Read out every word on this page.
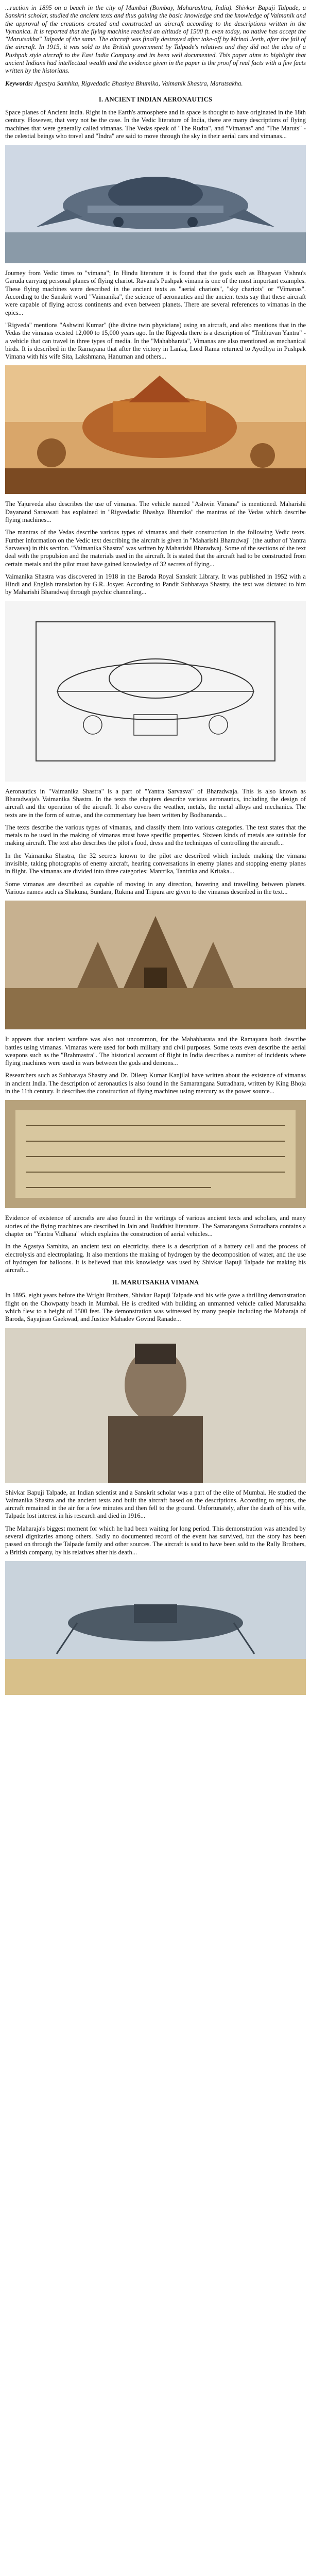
...ruction in 1895 on a beach in the city of Mumbai (Bombay, Maharashtra, India). Shivkar Bapuji Talpade, a Sanskrit scholar, studied the ancient texts and thus gaining the basic knowledge and the knowledge of Vaimanik and the approval of the creations created and constructed an aircraft according to the descriptions written in the Vymanica. It is reported that the flying machine reached an altitude of 1500 ft. even today, no native has accept the "Marutsakha" Talpade of the same. The aircraft was finally destroyed after take-off by Mrinal Jeeth, after the fall of the aircraft. In 1915, it was sold to the British government by Talpade's relatives and they did not the idea of a Pushpak style aircraft to the East India Company and its been well documented. This paper aims to highlight that ancient Indians had intellectual wealth and the evidence given in the paper is the proof of real facts with a few facts written by the historians.

Keywords: Agastya Samhita, Rigvedadic Bhashya Bhumika, Vaimanik Shastra, Marutsakha.

I. ANCIENT INDIAN AERONAUTICS

Space planes of Ancient India. Right in the Earth's atmosphere and in space is thought to have originated in the 18th century. However, that very not be the case. In the Vedic literature of India, there are many descriptions of flying machines that were generally called vimanas. The Vedas speak of "The Rudra", and "Vimanas" and "The Maruts" - the celestial beings who travel and "Indra" are said to move through the sky in their aerial cars and vimanas...

Journey from Vedic times to "vimana"; In Hindu literature it is found that the gods such as Bhagwan Vishnu's Garuda carrying personal planes of flying chariot. Ravana's Pushpak vimana is one of the most important examples. These flying machines were described in the ancient texts as "aerial chariots", "sky chariots" or "Vimanas". According to the Sanskrit word "Vaimanika", the science of aeronautics and the ancient texts say that these aircraft were capable of flying across continents and even between planets. There are several references to vimanas in the epics...

"Rigveda" mentions "Ashwini Kumar" (the divine twin physicians) using an aircraft, and also mentions that in the Vedas the vimanas existed 12,000 to 15,000 years ago. In the Rigveda there is a description of "Tribhuvan Yantra" - a vehicle that can travel in three types of media. In the "Mahabharata", Vimanas are also mentioned as mechanical birds. It is described in the Ramayana that after the victory in Lanka, Lord Rama returned to Ayodhya in Pushpak Vimana with his wife Sita, Lakshmana, Hanuman and others...

The Yajurveda also describes the use of vimanas. The vehicle named "Ashwin Vimana" is mentioned. Maharishi Dayanand Saraswati has explained in "Rigvedadic Bhashya Bhumika" the mantras of the Vedas which describe flying machines...

The mantras of the Vedas describe various types of vimanas and their construction in the following Vedic texts. Further information on the Vedic text describing the aircraft is given in "Maharishi Bharadwaj" (the author of Yantra Sarvasva) in this section. "Vaimanika Shastra" was written by Maharishi Bharadwaj. Some of the sections of the text deal with the propulsion and the materials used in the aircraft. It is stated that the aircraft had to be constructed from certain metals and the pilot must have gained knowledge of 32 secrets of flying...

Vaimanika Shastra was discovered in 1918 in the Baroda Royal Sanskrit Library. It was published in 1952 with a Hindi and English translation by G.R. Josyer. According to Pandit Subbaraya Shastry, the text was dictated to him by Maharishi Bharadwaj through psychic channeling...

Aeronautics in "Vaimanika Shastra" is a part of "Yantra Sarvasva" of Bharadwaja. This is also known as Bharadwaja's Vaimanika Shastra. In the texts the chapters describe various aeronautics, including the design of aircraft and the operation of the aircraft. It also covers the weather, metals, the metal alloys and mechanics. The texts are in the form of sutras, and the commentary has been written by Bodhananda...

The texts describe the various types of vimanas, and classify them into various categories. The text states that the metals to be used in the making of vimanas must have specific properties. Sixteen kinds of metals are suitable for making aircraft. The text also describes the pilot's food, dress and the techniques of controlling the aircraft...

In the Vaimanika Shastra, the 32 secrets known to the pilot are described which include making the vimana invisible, taking photographs of enemy aircraft, hearing conversations in enemy planes and stopping enemy planes in flight. The vimanas are divided into three categories: Mantrika, Tantrika and Kritaka...

Some vimanas are described as capable of moving in any direction, hovering and travelling between planets. Various names such as Shakuna, Sundara, Rukma and Tripura are given to the vimanas described in the text...

It appears that ancient warfare was also not uncommon, for the Mahabharata and the Ramayana both describe battles using vimanas. Vimanas were used for both military and civil purposes. Some texts even describe the aerial weapons such as the "Brahmastra". The historical account of flight in India describes a number of incidents where flying machines were used in wars between the gods and demons...

Researchers such as Subbaraya Shastry and Dr. Dileep Kumar Kanjilal have written about the existence of vimanas in ancient India. The description of aeronautics is also found in the Samarangana Sutradhara, written by King Bhoja in the 11th century. It describes the construction of flying machines using mercury as the power source...

Evidence of existence of aircrafts are also found in the writings of various ancient texts and scholars, and many stories of the flying machines are described in Jain and Buddhist literature. The Samarangana Sutradhara contains a chapter on "Yantra Vidhana" which explains the construction of aerial vehicles...

In the Agastya Samhita, an ancient text on electricity, there is a description of a battery cell and the process of electrolysis and electroplating. It also mentions the making of hydrogen by the decomposition of water, and the use of hydrogen for balloons. It is believed that this knowledge was used by Shivkar Bapuji Talpade for making his aircraft...

II. MARUTSAKHA VIMANA

In 1895, eight years before the Wright Brothers, Shivkar Bapuji Talpade and his wife gave a thrilling demonstration flight on the Chowpatty beach in Mumbai. He is credited with building an unmanned vehicle called Marutsakha which flew to a height of 1500 feet. The demonstration was witnessed by many people including the Maharaja of Baroda, Sayajirao Gaekwad, and Justice Mahadev Govind Ranade...

Shivkar Bapuji Talpade, an Indian scientist and a Sanskrit scholar was a part of the elite of Mumbai. He studied the Vaimanika Shastra and the ancient texts and built the aircraft based on the descriptions. According to reports, the aircraft remained in the air for a few minutes and then fell to the ground. Unfortunately, after the death of his wife, Talpade lost interest in his research and died in 1916...

The Maharaja's biggest moment for which he had been waiting for long period. This demonstration was attended by several dignitaries among others. Sadly no documented record of the event has survived, but the story has been passed on through the Talpade family and other sources. The aircraft is said to have been sold to the Rally Brothers, a British company, by his relatives after his death...
